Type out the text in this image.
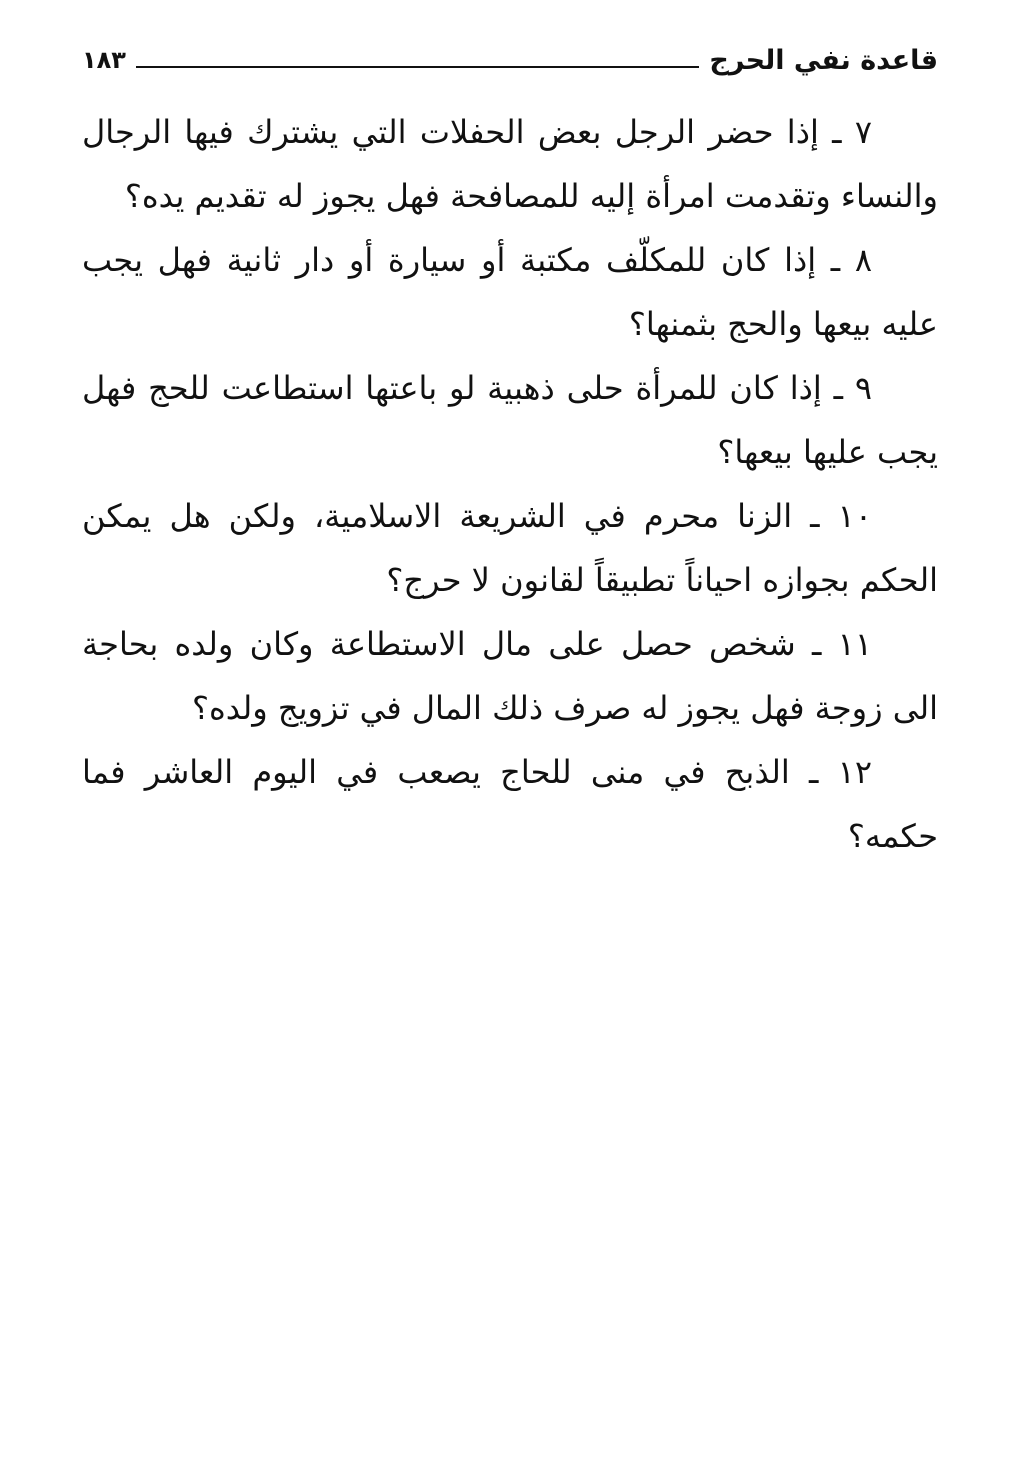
قاعدة نفي الحرج
١٨٣

٧ ـ إذا حضر الرجل بعض الحفلات التي يشترك فيها الرجال والنساء وتقدمت امرأة إليه للمصافحة فهل يجوز له تقديم يده؟

٨ ـ إذا كان للمكلّف مكتبة أو سيارة أو دار ثانية فهل يجب عليه بيعها والحج بثمنها؟

٩ ـ إذا كان للمرأة حلى ذهبية لو باعتها استطاعت للحج فهل يجب عليها بيعها؟

١٠ ـ الزنا محرم في الشريعة الاسلامية، ولكن هل يمكن الحكم بجوازه احياناً تطبيقاً لقانون لا حرج؟

١١ ـ شخص حصل على مال الاستطاعة وكان ولده بحاجة الى زوجة فهل يجوز له صرف ذلك المال في تزويج ولده؟

١٢ ـ الذبح في منى للحاج يصعب في اليوم العاشر فما حكمه؟
